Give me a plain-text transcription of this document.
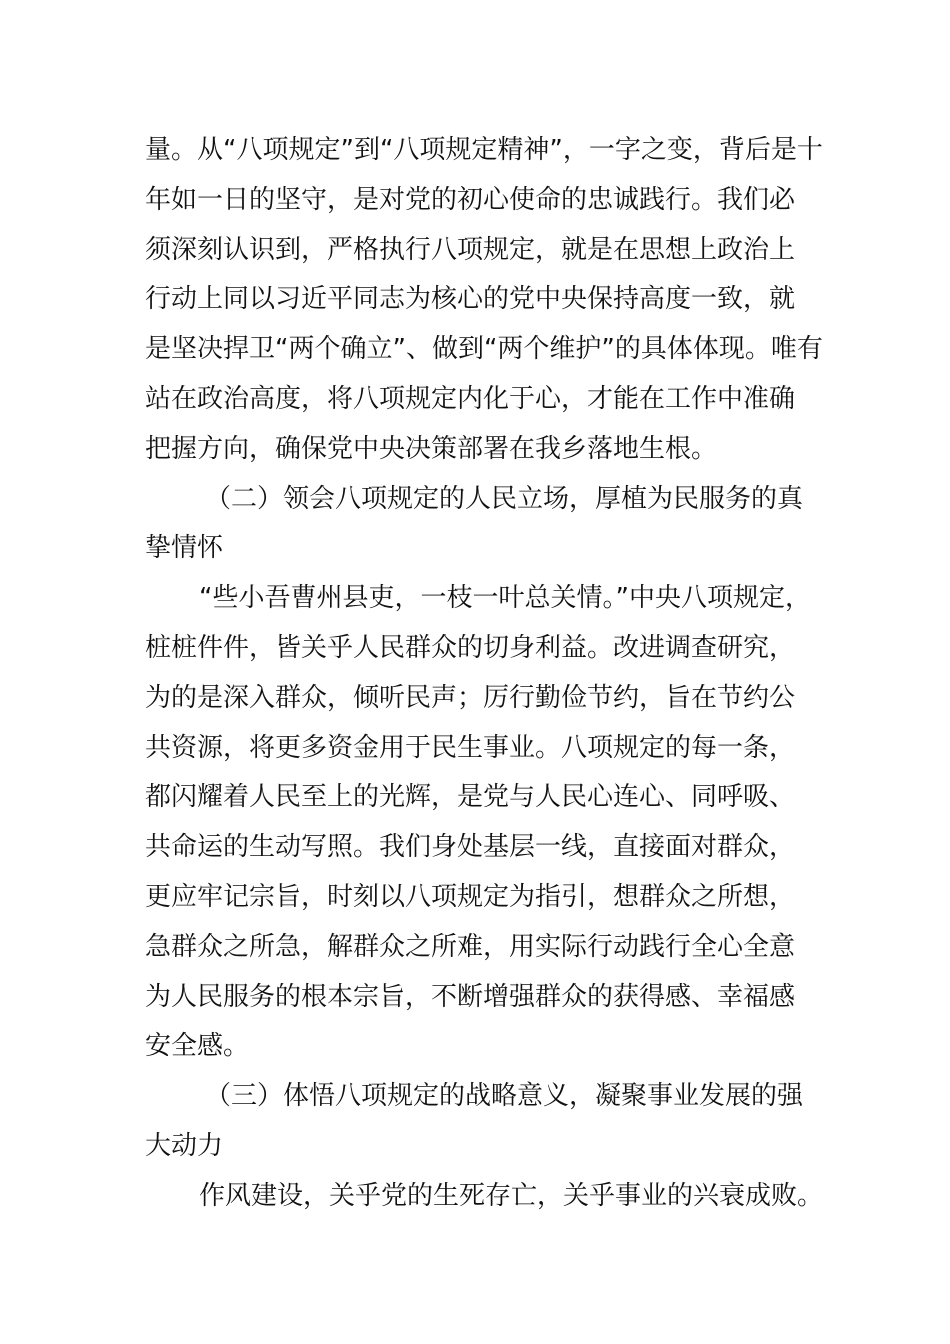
量。从“八项规定”到“八项规定精神”，一字之变，背后是十
年如一日的坚守，是对党的初心使命的忠诚践行。我们必
须深刻认识到，严格执行八项规定，就是在思想上政治上
行动上同以习近平同志为核心的党中央保持高度一致，就
是坚决捍卫“两个确立”、做到“两个维护”的具体体现。唯有
站在政治高度，将八项规定内化于心，才能在工作中准确
把握方向，确保党中央决策部署在我乡落地生根。
（二）领会八项规定的人民立场，厚植为民服务的真
挚情怀
“些小吾曹州县吏，一枝一叶总关情。”中央八项规定，
桩桩件件，皆关乎人民群众的切身利益。改进调查研究，
为的是深入群众，倾听民声；厉行勤俭节约，旨在节约公
共资源，将更多资金用于民生事业。八项规定的每一条，
都闪耀着人民至上的光辉，是党与人民心连心、同呼吸、
共命运的生动写照。我们身处基层一线，直接面对群众，
更应牢记宗旨，时刻以八项规定为指引，想群众之所想，
急群众之所急，解群众之所难，用实际行动践行全心全意
为人民服务的根本宗旨，不断增强群众的获得感、幸福感
安全感。
（三）体悟八项规定的战略意义，凝聚事业发展的强
大动力
作风建设，关乎党的生死存亡，关乎事业的兴衰成败。
